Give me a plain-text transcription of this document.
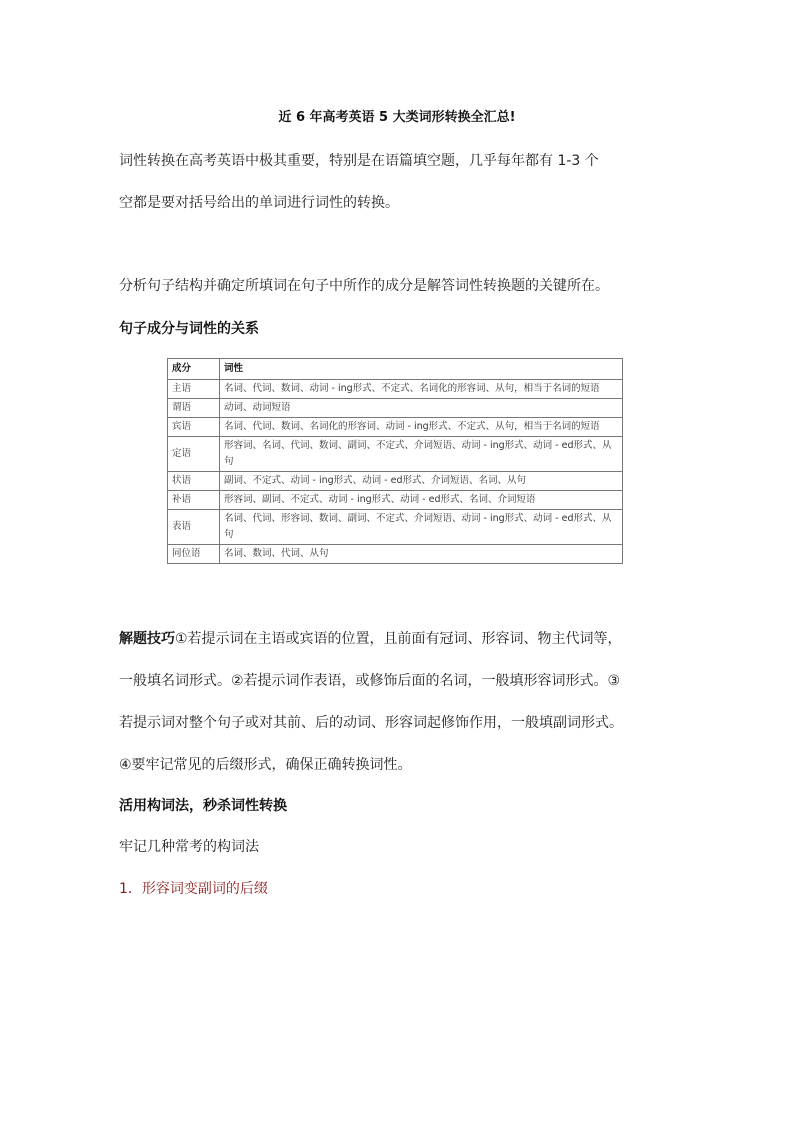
近 6 年高考英语 5 大类词形转换全汇总!
词性转换在高考英语中极其重要，特别是在语篇填空题，几乎每年都有 1-3 个
空都是要对括号给出的单词进行词性的转换。
分析句子结构并确定所填词在句子中所作的成分是解答词性转换题的关键所在。
句子成分与词性的关系
成分	词性
主语	名词、代词、数词、动词 - ing形式、不定式、名词化的形容词、从句，相当于名词的短语
谓语	动词、动词短语
宾语	名词、代词、数词、名词化的形容词、动词 - ing形式、不定式、从句，相当于名词的短语
定语	形容词、名词、代词、数词、副词、不定式、介词短语、动词 - ing形式、动词 - ed形式、从句
状语	副词、不定式、动词 - ing形式、动词 - ed形式、介词短语、名词、从句
补语	形容词、副词、不定式、动词 - ing形式、动词 - ed形式、名词、介词短语
表语	名词、代词、形容词、数词、副词、不定式、介词短语、动词 - ing形式、动词 - ed形式、从句
同位语	名词、数词、代词、从句
解题技巧①若提示词在主语或宾语的位置，且前面有冠词、形容词、物主代词等，
一般填名词形式。②若提示词作表语，或修饰后面的名词，一般填形容词形式。③
若提示词对整个句子或对其前、后的动词、形容词起修饰作用，一般填副词形式。
④要牢记常见的后缀形式，确保正确转换词性。
活用构词法，秒杀词性转换
牢记几种常考的构词法
1．形容词变副词的后缀
